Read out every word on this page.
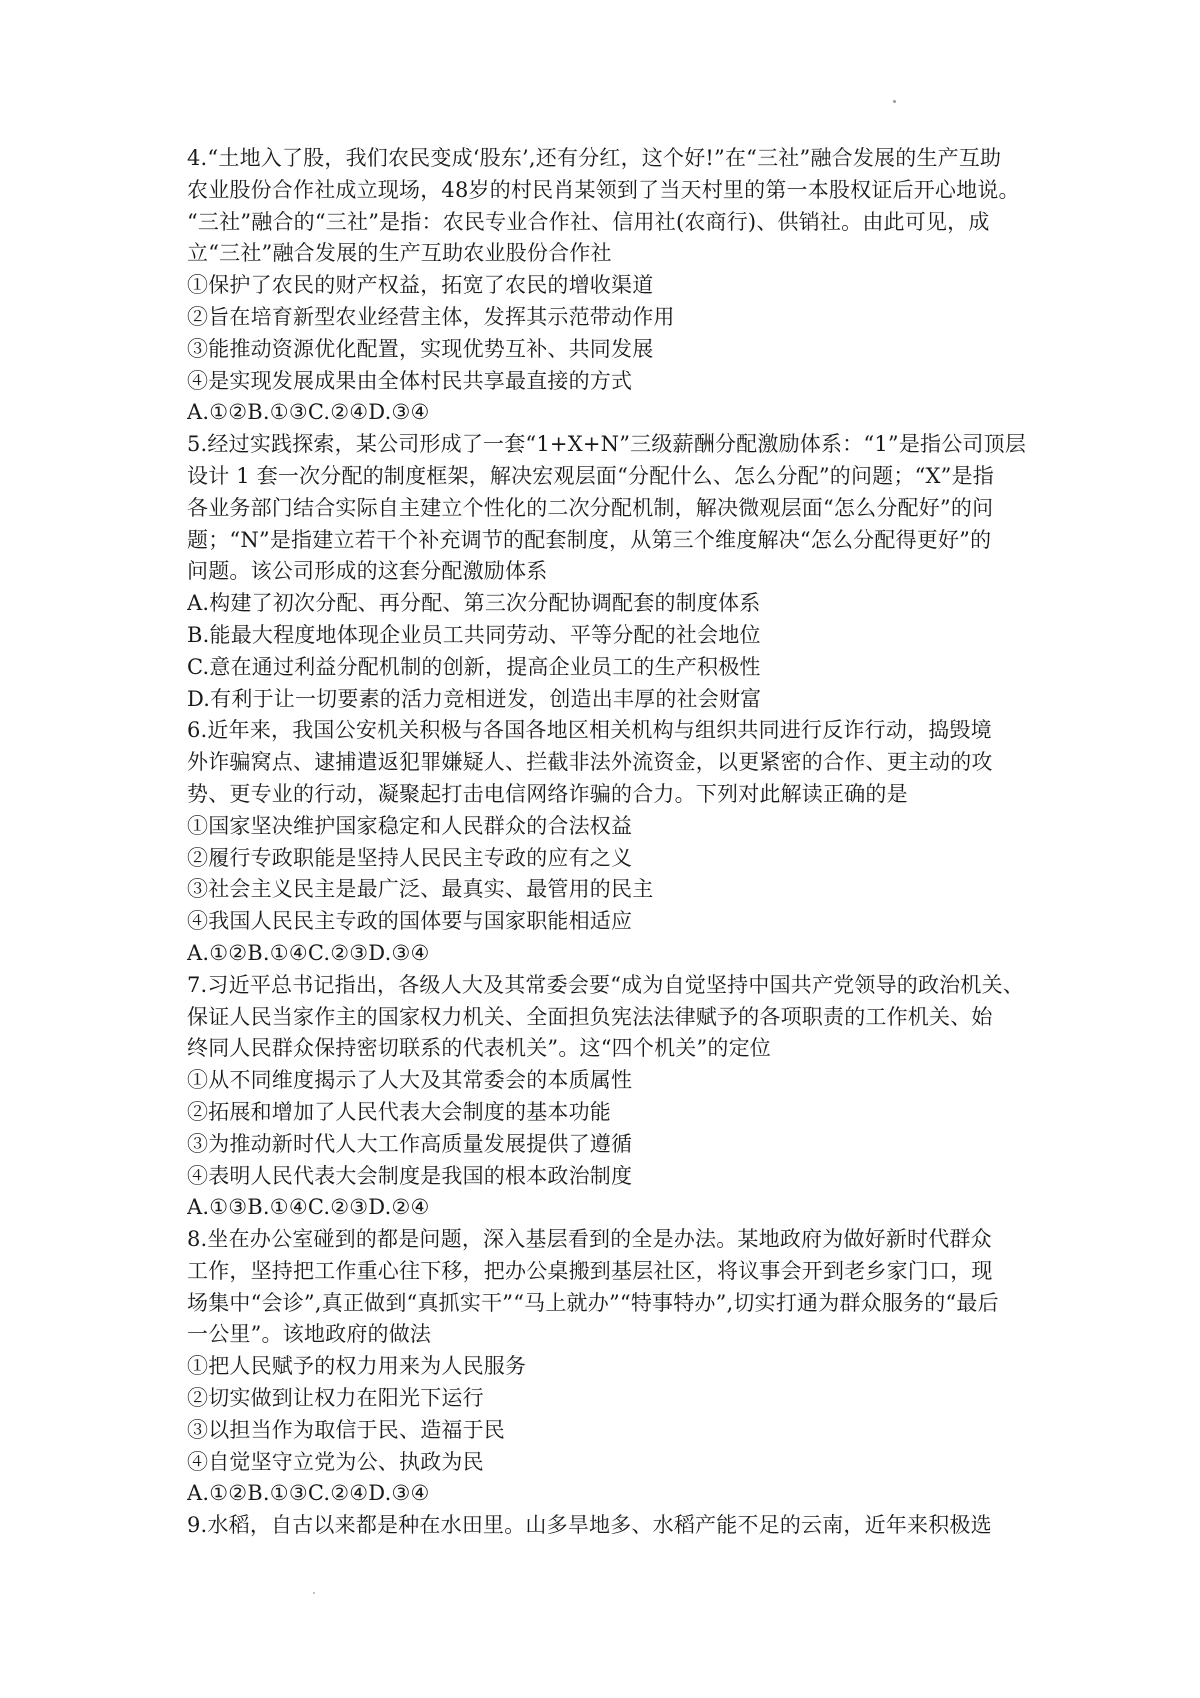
4.“土地入了股，我们农民变成‘股东’,还有分红，这个好!”在“三社”融合发展的生产互助
农业股份合作社成立现场，48岁的村民肖某领到了当天村里的第一本股权证后开心地说。
“三社”融合的“三社”是指：农民专业合作社、信用社(农商行)、供销社。由此可见，成
立“三社”融合发展的生产互助农业股份合作社
①保护了农民的财产权益，拓宽了农民的增收渠道
②旨在培育新型农业经营主体，发挥其示范带动作用
③能推动资源优化配置，实现优势互补、共同发展
④是实现发展成果由全体村民共享最直接的方式
A.①②B.①③C.②④D.③④
5.经过实践探索，某公司形成了一套“1+X+N”三级薪酬分配激励体系：“1”是指公司顶层
设计 1 套一次分配的制度框架，解决宏观层面“分配什么、怎么分配”的问题；“X”是指
各业务部门结合实际自主建立个性化的二次分配机制，解决微观层面“怎么分配好”的问
题；“N”是指建立若干个补充调节的配套制度，从第三个维度解决“怎么分配得更好”的
问题。该公司形成的这套分配激励体系
A.构建了初次分配、再分配、第三次分配协调配套的制度体系
B.能最大程度地体现企业员工共同劳动、平等分配的社会地位
C.意在通过利益分配机制的创新，提高企业员工的生产积极性
D.有利于让一切要素的活力竞相迸发，创造出丰厚的社会财富
6.近年来，我国公安机关积极与各国各地区相关机构与组织共同进行反诈行动，捣毁境
外诈骗窝点、逮捕遣返犯罪嫌疑人、拦截非法外流资金，以更紧密的合作、更主动的攻
势、更专业的行动，凝聚起打击电信网络诈骗的合力。下列对此解读正确的是
①国家坚决维护国家稳定和人民群众的合法权益
②履行专政职能是坚持人民民主专政的应有之义
③社会主义民主是最广泛、最真实、最管用的民主
④我国人民民主专政的国体要与国家职能相适应
A.①②B.①④C.②③D.③④
7.习近平总书记指出，各级人大及其常委会要“成为自觉坚持中国共产党领导的政治机关、
保证人民当家作主的国家权力机关、全面担负宪法法律赋予的各项职责的工作机关、始
终同人民群众保持密切联系的代表机关”。这“四个机关”的定位
①从不同维度揭示了人大及其常委会的本质属性
②拓展和增加了人民代表大会制度的基本功能
③为推动新时代人大工作高质量发展提供了遵循
④表明人民代表大会制度是我国的根本政治制度
A.①③B.①④C.②③D.②④
8.坐在办公室碰到的都是问题，深入基层看到的全是办法。某地政府为做好新时代群众
工作，坚持把工作重心往下移，把办公桌搬到基层社区，将议事会开到老乡家门口，现
场集中“会诊”,真正做到“真抓实干”“马上就办”“特事特办”,切实打通为群众服务的“最后
一公里”。该地政府的做法
①把人民赋予的权力用来为人民服务
②切实做到让权力在阳光下运行
③以担当作为取信于民、造福于民
④自觉坚守立党为公、执政为民
A.①②B.①③C.②④D.③④
9.水稻，自古以来都是种在水田里。山多旱地多、水稻产能不足的云南，近年来积极选
